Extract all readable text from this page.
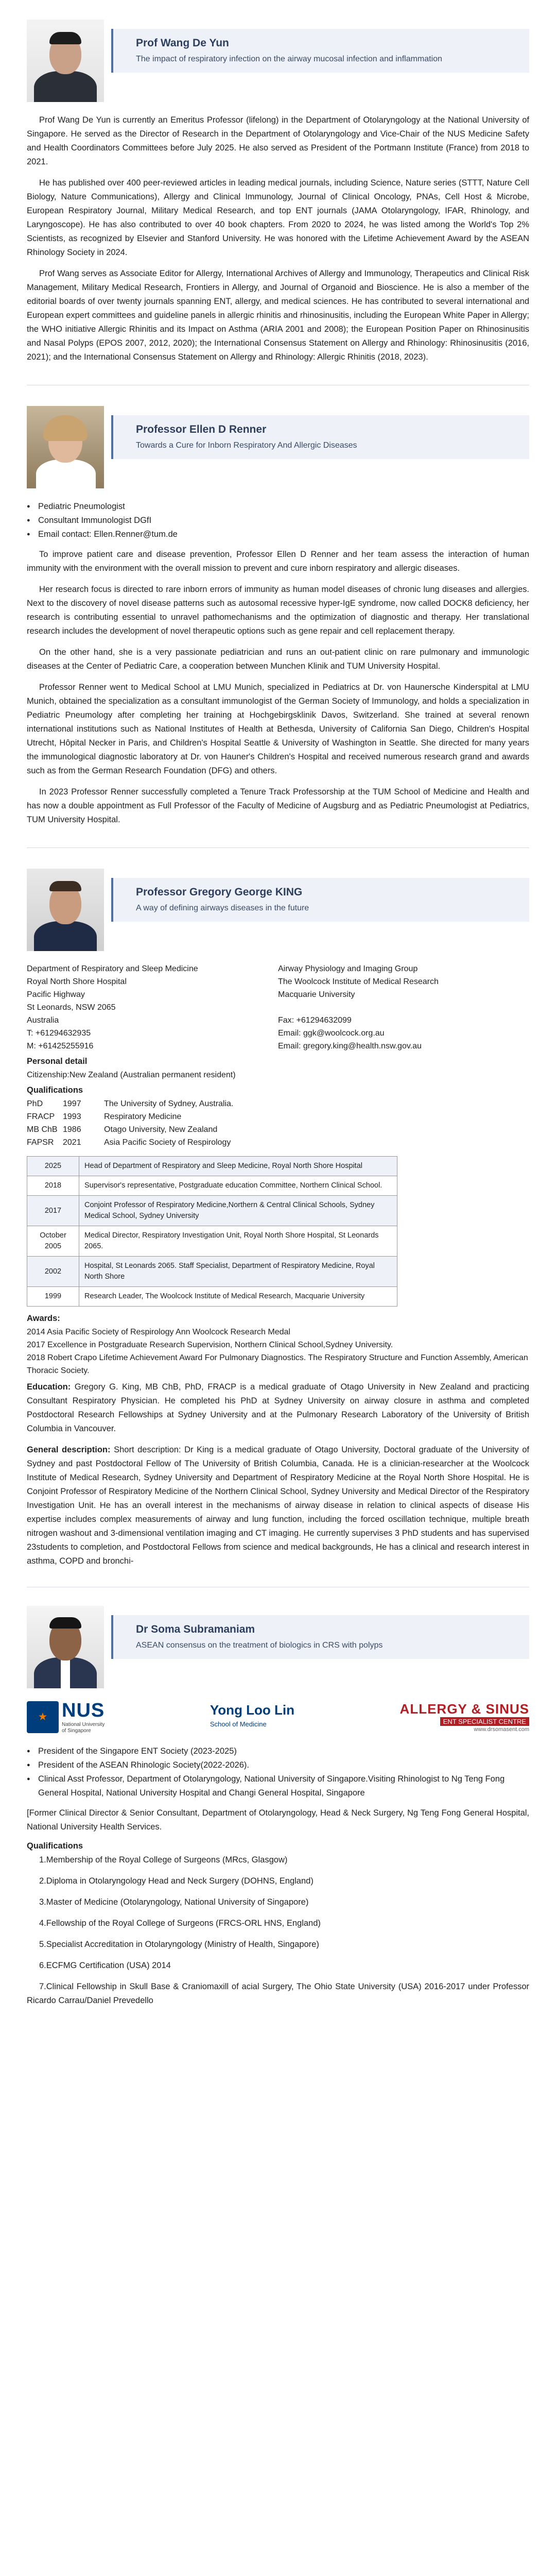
Prof Wang De Yun

The impact of respiratory infection on the airway mucosal infection and inflammation

Prof Wang De Yun is currently an Emeritus Professor (lifelong) in the Department of Otolaryngology at the National University of Singapore. He served as the Director of Research in the Department of Otolaryngology and Vice-Chair of the NUS Medicine Safety and Health Coordinators Committees before July 2025. He also served as President of the Portmann Institute (France) from 2018 to 2021.

He has published over 400 peer-reviewed articles in leading medical journals, including Science, Nature series (STTT, Nature Cell Biology, Nature Communications), Allergy and Clinical Immunology, Journal of Clinical Oncology, PNAs, Cell Host & Microbe, European Respiratory Journal, Military Medical Research, and top ENT journals (JAMA Otolaryngology, IFAR, Rhinology, and Laryngoscope). He has also contributed to over 40 book chapters. From 2020 to 2024, he was listed among the World's Top 2% Scientists, as recognized by Elsevier and Stanford University. He was honored with the Lifetime Achievement Award by the ASEAN Rhinology Society in 2024.

Prof Wang serves as Associate Editor for Allergy, International Archives of Allergy and Immunology, Therapeutics and Clinical Risk Management, Military Medical Research, Frontiers in Allergy, and Journal of Organoid and Bioscience. He is also a member of the editorial boards of over twenty journals spanning ENT, allergy, and medical sciences. He has contributed to several international and European expert committees and guideline panels in allergic rhinitis and rhinosinusitis, including the European White Paper in Allergy; the WHO initiative Allergic Rhinitis and its Impact on Asthma (ARIA 2001 and 2008); the European Position Paper on Rhinosinusitis and Nasal Polyps (EPOS 2007, 2012, 2020); the International Consensus Statement on Allergy and Rhinology: Rhinosinusitis (2016, 2021); and the International Consensus Statement on Allergy and Rhinology: Allergic Rhinitis (2018, 2023).

Professor Ellen D Renner

Towards a Cure for Inborn Respiratory And Allergic Diseases

● Pediatric Pneumologist
● Consultant Immunologist DGfI
● Email contact: Ellen.Renner@tum.de

To improve patient care and disease prevention, Professor Ellen D Renner and her team assess the interaction of human immunity with the environment with the overall mission to prevent and cure inborn respiratory and allergic diseases.

Her research focus is directed to rare inborn errors of immunity as human model diseases of chronic lung diseases and allergies. Next to the discovery of novel disease patterns such as autosomal recessive hyper-IgE syndrome, now called DOCK8 deficiency, her research is contributing essential to unravel pathomechanisms and the optimization of diagnostic and therapy. Her translational research includes the development of novel therapeutic options such as gene repair and cell replacement therapy.

On the other hand, she is a very passionate pediatrician and runs an out-patient clinic on rare pulmonary and immunologic diseases at the Center of Pediatric Care, a cooperation between Munchen Klinik and TUM University Hospital.

Professor Renner went to Medical School at LMU Munich, specialized in Pediatrics at Dr. von Haunersche Kinderspital at LMU Munich, obtained the specialization as a consultant immunologist of the German Society of Immunology, and holds a specialization in Pediatric Pneumology after completing her training at Hochgebirgsklinik Davos, Switzerland. She trained at several renown international institutions such as National Institutes of Health at Bethesda, University of California San Diego, Children's Hospital Utrecht, Hôpital Necker in Paris, and Children's Hospital Seattle & University of Washington in Seattle. She directed for many years the immunological diagnostic laboratory at Dr. von Hauner's Children's Hospital and received numerous research grand and awards such as from the German Research Foundation (DFG) and others.

In 2023 Professor Renner successfully completed a Tenure Track Professorship at the TUM School of Medicine and Health and has now a double appointment as Full Professor of the Faculty of Medicine of Augsburg and as Pediatric Pneumologist at Pediatrics, TUM University Hospital.

Professor Gregory George KING

A way of defining airways diseases in the future

Department of Respiratory and Sleep Medicine
Royal North Shore Hospital
Pacific Highway
St Leonards, NSW 2065
Australia
Airway Physiology and Imaging Group
The Woolcock Institute of Medical Research
Macquarie University
Fax: +61294632099
T: +61294632935
M: +61425255916
Email: ggk@woolcock.org.au
Email: gregory.king@health.nsw.gov.au
Personal detail
Citizenship:New Zealand (Australian permanent resident)
Qualifications
PhD	1997	The University of Sydney, Australia.
FRACP 1993	Respiratory Medicine
MB ChB 1986	Otago University, New Zealand
FAPSR	2021	Asia Pacific Society of Respirology
2025	Head of Department of Respiratory and Sleep Medicine, Royal North Shore Hospital
2018	Supervisor's representative, Postgraduate education Committee, Northern Clinical School.
2017	Conjoint Professor of Respiratory Medicine,Northern & Central Clinical Schools, Sydney Medical School, Sydney University
October 2005	Medical Director, Respiratory Investigation Unit, Royal North Shore Hospital, St Leonards 2065.
2002	Hospital, St Leonards 2065. Staff Specialist, Department of Respiratory Medicine, Royal North Shore
1999	Research Leader, The Woolcock Institute of Medical Research, Macquarie University
Awards:
2014 Asia Pacific Society of Respirology Ann Woolcock Research Medal
2017 Excellence in Postgraduate Research Supervision, Northern Clinical School,Sydney University.
2018 Robert Crapo Lifetime Achievement Award For Pulmonary Diagnostics. The Respiratory Structure and Function Assembly, American Thoracic Society.

Education: Gregory G. King, MB ChB, PhD, FRACP is a medical graduate of Otago University in New Zealand and practicing Consultant Respiratory Physician. He completed his PhD at Sydney University on airway closure in asthma and completed Postdoctoral Research Fellowships at Sydney University and at the Pulmonary Research Laboratory of the University of British Columbia in Vancouver.

General description: Short description: Dr King is a medical graduate of Otago University, Doctoral graduate of the University of Sydney and past Postdoctoral Fellow of The University of British Columbia, Canada. He is a clinician-researcher at the Woolcock Institute of Medical Research, Sydney University and Department of Respiratory Medicine at the Royal North Shore Hospital. He is Conjoint Professor of Respiratory Medicine of the Northern Clinical School, Sydney University and Medical Director of the Respiratory Investigation Unit. He has an overall interest in the mechanisms of airway disease in relation to clinical aspects of disease His expertise includes complex measurements of airway and lung function, including the forced oscillation technique, multiple breath nitrogen washout and 3-dimensional ventilation imaging and CT imaging. He currently supervises 3 PhD students and has supervised 23students to completion, and Postdoctoral Fellows from science and medical backgrounds, He has a clinical and research interest in asthma, COPD and bronchi-

Dr Soma Subramaniam

ASEAN consensus on the treatment of biologics in CRS with polyps

★ NUS
National University
of Singapore
Yong Loo Lin
School of Medicine
ALLERGY & SINUS
ENT SPECIALIST CENTRE
www.drsomasent.com
● President of the Singapore ENT Society (2023-2025)
● President of the ASEAN Rhinologic Society(2022-2026).
● Clinical Asst Professor, Department of Otolaryngology, National University of Singapore.Visiting Rhinologist to Ng Teng Fong General Hospital, National University Hospital and Changi General Hospital, Singapore

[Former Clinical Director & Senior Consultant, Department of Otolaryngology, Head & Neck Surgery, Ng Teng Fong General Hospital, National University Health Services.

Qualifications

1.Membership of the Royal College of Surgeons (MRcs, Glasgow)

2.Diploma in Otolaryngology Head and Neck Surgery (DOHNS, England)

3.Master of Medicine (Otolaryngology, National University of Singapore)

4.Fellowship of the Royal College of Surgeons (FRCS-ORL HNS, England)

5.Specialist Accreditation in Otolaryngology (Ministry of Health, Singapore)

6.ECFMG Certification (USA) 2014

7.Clinical Fellowship in Skull Base & Craniomaxill of acial Surgery, The Ohio State University (USA) 2016-2017 under Professor Ricardo Carrau/Daniel Prevedello
